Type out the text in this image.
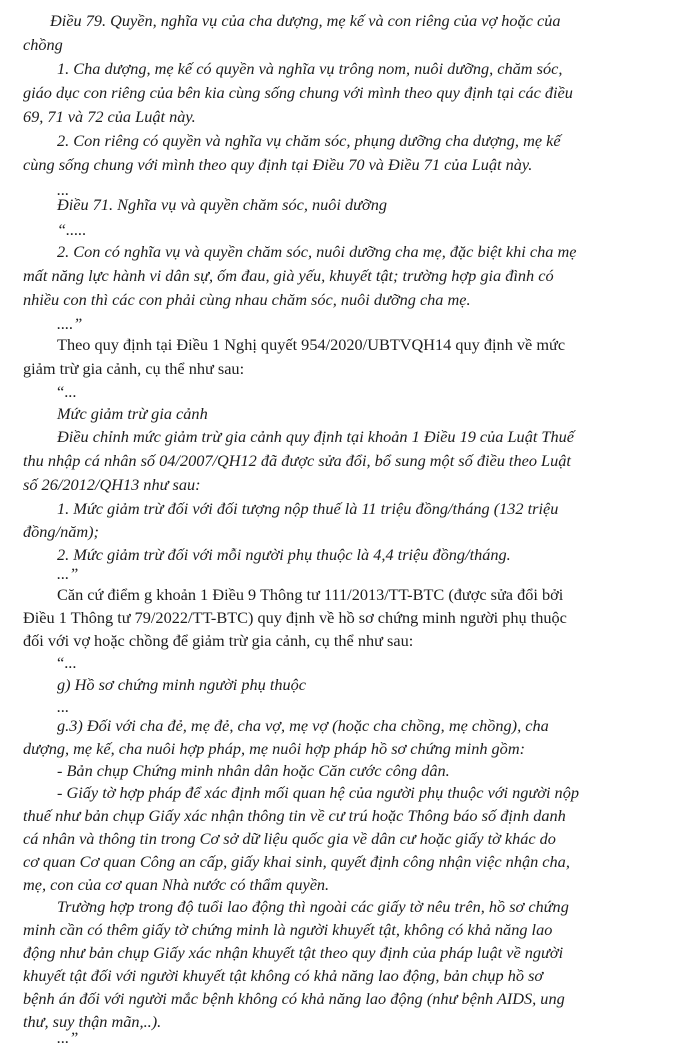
Điều 79. Quyền, nghĩa vụ của cha dượng, mẹ kế và con riêng của vợ hoặc của
chồng
1. Cha dượng, mẹ kế có quyền và nghĩa vụ trông nom, nuôi dưỡng, chăm sóc,
giáo dục con riêng của bên kia cùng sống chung với mình theo quy định tại các điều
69, 71 và 72 của Luật này.
2. Con riêng có quyền và nghĩa vụ chăm sóc, phụng dưỡng cha dượng, mẹ kế
cùng sống chung với mình theo quy định tại Điều 70 và Điều 71 của Luật này.
...
Điều 71. Nghĩa vụ và quyền chăm sóc, nuôi dưỡng
“.....
2. Con có nghĩa vụ và quyền chăm sóc, nuôi dưỡng cha mẹ, đặc biệt khi cha mẹ
mất năng lực hành vi dân sự, ốm đau, già yếu, khuyết tật; trường hợp gia đình có
nhiều con thì các con phải cùng nhau chăm sóc, nuôi dưỡng cha mẹ.
....”
Theo quy định tại Điều 1 Nghị quyết 954/2020/UBTVQH14 quy định về mức
giảm trừ gia cảnh, cụ thể như sau:
“...
Mức giảm trừ gia cảnh
Điều chỉnh mức giảm trừ gia cảnh quy định tại khoản 1 Điều 19 của Luật Thuế
thu nhập cá nhân số 04/2007/QH12 đã được sửa đổi, bổ sung một số điều theo Luật
số 26/2012/QH13 như sau:
1. Mức giảm trừ đối với đối tượng nộp thuế là 11 triệu đồng/tháng (132 triệu
đồng/năm);
2. Mức giảm trừ đối với mỗi người phụ thuộc là 4,4 triệu đồng/tháng.
...”
Căn cứ điểm g khoản 1 Điều 9 Thông tư 111/2013/TT-BTC (được sửa đổi bởi
Điều 1 Thông tư 79/2022/TT-BTC) quy định về hồ sơ chứng minh người phụ thuộc
đối với vợ hoặc chồng để giảm trừ gia cảnh, cụ thể như sau:
“...
g) Hồ sơ chứng minh người phụ thuộc
...
g.3) Đối với cha đẻ, mẹ đẻ, cha vợ, mẹ vợ (hoặc cha chồng, mẹ chồng), cha
dượng, mẹ kế, cha nuôi hợp pháp, mẹ nuôi hợp pháp hồ sơ chứng minh gồm:
- Bản chụp Chứng minh nhân dân hoặc Căn cước công dân.
- Giấy tờ hợp pháp để xác định mối quan hệ của người phụ thuộc với người nộp
thuế như bản chụp Giấy xác nhận thông tin về cư trú hoặc Thông báo số định danh
cá nhân và thông tin trong Cơ sở dữ liệu quốc gia về dân cư hoặc giấy tờ khác do
cơ quan Cơ quan Công an cấp, giấy khai sinh, quyết định công nhận việc nhận cha,
mẹ, con của cơ quan Nhà nước có thẩm quyền.
Trường hợp trong độ tuổi lao động thì ngoài các giấy tờ nêu trên, hồ sơ chứng
minh cần có thêm giấy tờ chứng minh là người khuyết tật, không có khả năng lao
động như bản chụp Giấy xác nhận khuyết tật theo quy định của pháp luật về người
khuyết tật đối với người khuyết tật không có khả năng lao động, bản chụp hồ sơ
bệnh án đối với người mắc bệnh không có khả năng lao động (như bệnh AIDS, ung
thư, suy thận mãn,..).
...”
